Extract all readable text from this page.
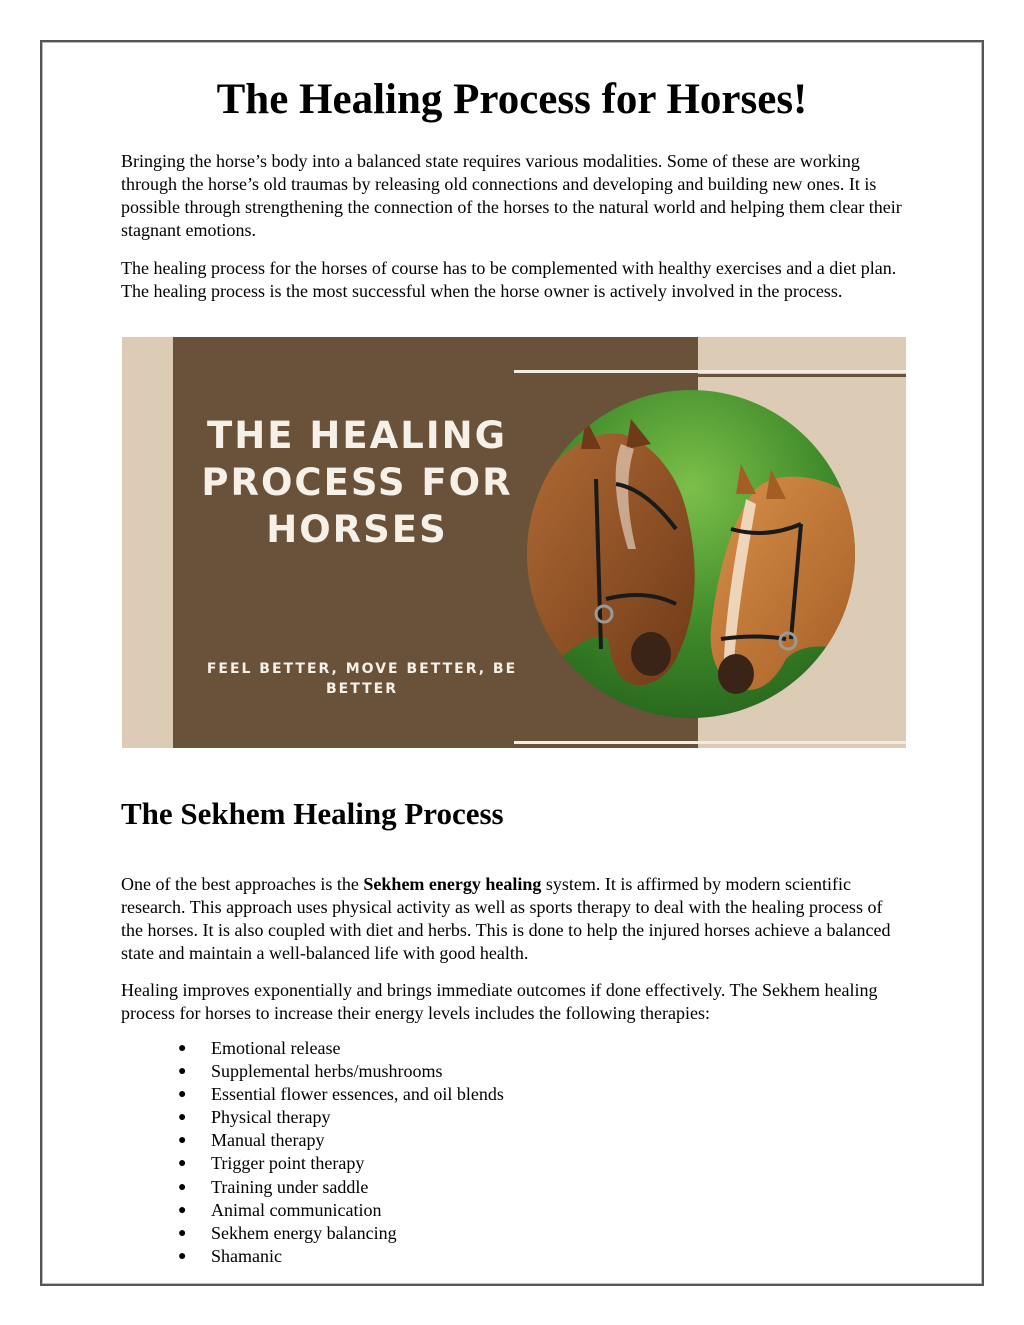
The Healing Process for Horses!

Bringing the horse’s body into a balanced state requires various modalities. Some of these are working through the horse’s old traumas by releasing old connections and developing and building new ones. It is possible through strengthening the connection of the horses to the natural world and helping them clear their stagnant emotions.

The healing process for the horses of course has to be complemented with healthy exercises and a diet plan. The healing process is the most successful when the horse owner is actively involved in the process.

THE HEALING
PROCESS FOR
HORSES

FEEL BETTER, MOVE BETTER, BE
BETTER

The Sekhem Healing Process

One of the best approaches is the Sekhem energy healing system. It is affirmed by modern scientific research. This approach uses physical activity as well as sports therapy to deal with the healing process of the horses. It is also coupled with diet and herbs. This is done to help the injured horses achieve a balanced state and maintain a well-balanced life with good health.

Healing improves exponentially and brings immediate outcomes if done effectively. The Sekhem healing process for horses to increase their energy levels includes the following therapies:

● Emotional release
● Supplemental herbs/mushrooms
● Essential flower essences, and oil blends
● Physical therapy
● Manual therapy
● Trigger point therapy
● Training under saddle
● Animal communication
● Sekhem energy balancing
● Shamanic
